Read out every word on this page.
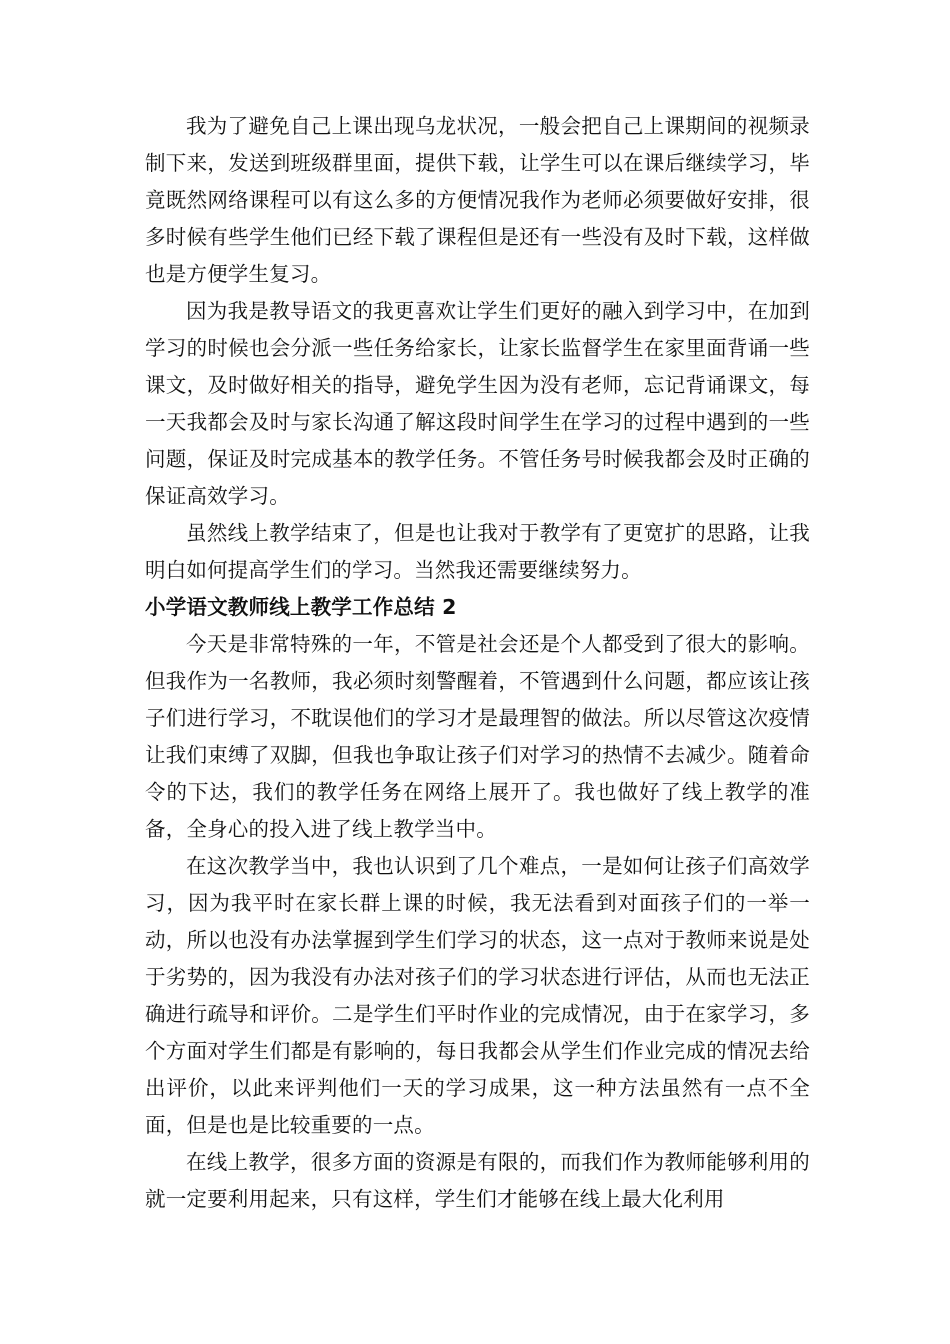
我为了避免自己上课出现乌龙状况，一般会把自己上课期间的视频录制下来，发送到班级群里面，提供下载，让学生可以在课后继续学习，毕竟既然网络课程可以有这么多的方便情况我作为老师必须要做好安排，很多时候有些学生他们已经下载了课程但是还有一些没有及时下载，这样做也是方便学生复习。

因为我是教导语文的我更喜欢让学生们更好的融入到学习中，在加到学习的时候也会分派一些任务给家长，让家长监督学生在家里面背诵一些课文，及时做好相关的指导，避免学生因为没有老师，忘记背诵课文，每一天我都会及时与家长沟通了解这段时间学生在学习的过程中遇到的一些问题，保证及时完成基本的教学任务。不管任务号时候我都会及时正确的保证高效学习。

虽然线上教学结束了，但是也让我对于教学有了更宽扩的思路，让我明白如何提高学生们的学习。当然我还需要继续努力。

小学语文教师线上教学工作总结 2

今天是非常特殊的一年，不管是社会还是个人都受到了很大的影响。但我作为一名教师，我必须时刻警醒着，不管遇到什么问题，都应该让孩子们进行学习，不耽误他们的学习才是最理智的做法。所以尽管这次疫情让我们束缚了双脚，但我也争取让孩子们对学习的热情不去减少。随着命令的下达，我们的教学任务在网络上展开了。我也做好了线上教学的准备，全身心的投入进了线上教学当中。

在这次教学当中，我也认识到了几个难点，一是如何让孩子们高效学习，因为我平时在家长群上课的时候，我无法看到对面孩子们的一举一动，所以也没有办法掌握到学生们学习的状态，这一点对于教师来说是处于劣势的，因为我没有办法对孩子们的学习状态进行评估，从而也无法正确进行疏导和评价。二是学生们平时作业的完成情况，由于在家学习，多个方面对学生们都是有影响的，每日我都会从学生们作业完成的情况去给出评价，以此来评判他们一天的学习成果，这一种方法虽然有一点不全面，但是也是比较重要的一点。

在线上教学，很多方面的资源是有限的，而我们作为教师能够利用的就一定要利用起来，只有这样，学生们才能够在线上最大化利用
